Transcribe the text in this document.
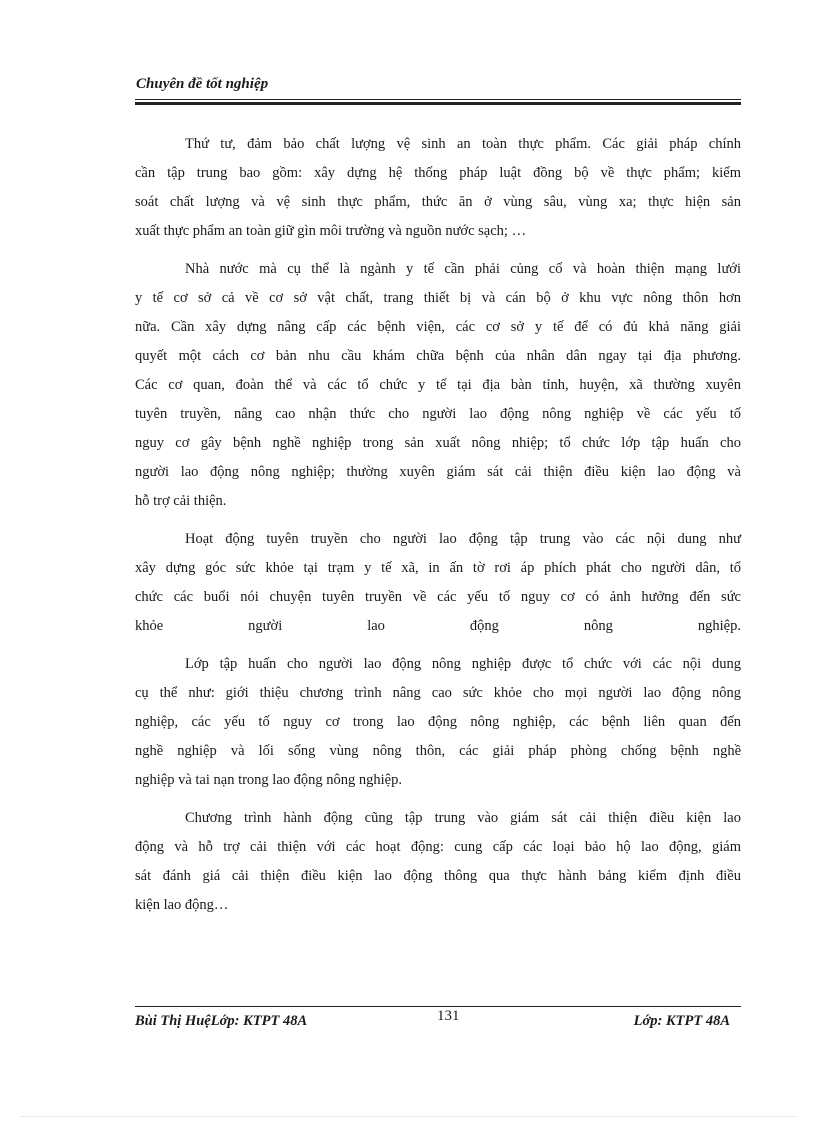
Chuyên đề tốt nghiệp

Thứ tư, đảm bảo chất lượng vệ sinh an toàn thực phẩm. Các giải pháp chính
cần tập trung bao gồm: xây dựng hệ thống pháp luật đồng bộ về thực phẩm; kiểm
soát chất lượng và vệ sinh thực phẩm, thức ăn ở vùng sâu, vùng xa; thực hiện sản
xuất thực phẩm an toàn giữ gìn môi trường và nguồn nước sạch; …

Nhà nước mà cụ thể là ngành y tế cần phải củng cố và hoàn thiện mạng lưới
y tế cơ sở cả về cơ sở vật chất, trang thiết bị và cán bộ ở khu vực nông thôn hơn
nữa. Cần xây dựng nâng cấp các bệnh viện, các cơ sở y tế để có đủ khả năng giải
quyết một cách cơ bản nhu cầu khám chữa bệnh của nhân dân ngay tại địa phương.
Các cơ quan, đoàn thể và các tổ chức y tế tại địa bàn tỉnh, huyện, xã thường xuyên
tuyên truyền, nâng cao nhận thức cho người lao động nông nghiệp về các yếu tố
nguy cơ gây bệnh nghề nghiệp trong sản xuất nông nhiệp; tổ chức lớp tập huấn cho
người lao động nông nghiệp; thường xuyên giám sát cải thiện điều kiện lao động và
hỗ trợ cải thiện.

Hoạt động tuyên truyền cho người lao động tập trung vào các nội dung như
xây dựng góc sức khỏe tại trạm y tế xã, in ấn tờ rơi áp phích phát cho người dân, tổ
chức các buổi nói chuyện tuyên truyền về các yếu tố nguy cơ có ảnh hưởng đến sức
khỏe người lao động nông nghiệp.

Lớp tập huấn cho người lao động nông nghiệp được tổ chức với các nội dung
cụ thể như: giới thiệu chương trình nâng cao sức khỏe cho mọi người lao động nông
nghiệp, các yếu tố nguy cơ trong lao động nông nghiệp, các bệnh liên quan đến
nghề nghiệp và lối sống vùng nông thôn, các giải pháp phòng chống bệnh nghề
nghiệp và tai nạn trong lao động nông nghiệp.

Chương trình hành động cũng tập trung vào giám sát cải thiện điều kiện lao
động và hỗ trợ cải thiện với các hoạt động: cung cấp các loại bảo hộ lao động, giám
sát đánh giá cải thiện điều kiện lao động thông qua thực hành bảng kiểm định điều
kiện lao động…

Bùi Thị HuệLớp: KTPT 48A	131	Lớp: KTPT 48A
